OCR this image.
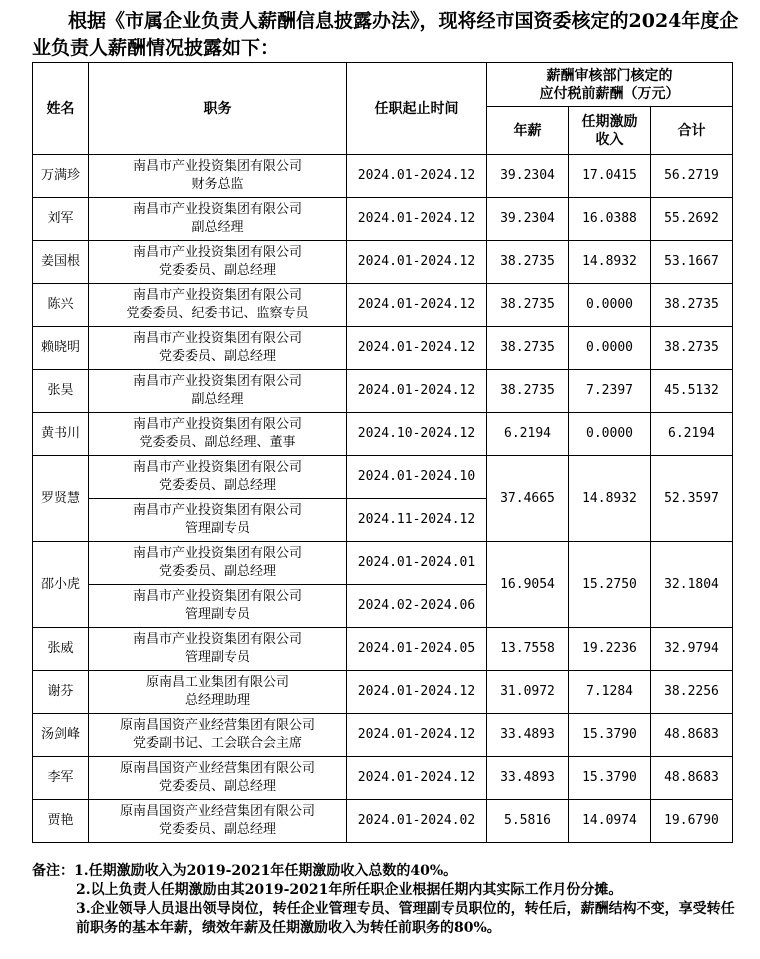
根据《市属企业负责人薪酬信息披露办法》，现将经市国资委核定的2024年度企业负责人薪酬情况披露如下：

姓名	职务	任职起止时间	薪酬审核部门核定的
应付税前薪酬（万元）		

			年薪	任期激励
收入	合计
万满珍	南昌市产业投资集团有限公司
财务总监	2024.01-2024.12	39.2304	17.0415	56.2719
刘军	南昌市产业投资集团有限公司
副总经理	2024.01-2024.12	39.2304	16.0388	55.2692
姜国根	南昌市产业投资集团有限公司
党委委员、副总经理	2024.01-2024.12	38.2735	14.8932	53.1667
陈兴	南昌市产业投资集团有限公司
党委委员、纪委书记、监察专员	2024.01-2024.12	38.2735	0.0000	38.2735
赖晓明	南昌市产业投资集团有限公司
党委委员、副总经理	2024.01-2024.12	38.2735	0.0000	38.2735
张昊	南昌市产业投资集团有限公司
副总经理	2024.01-2024.12	38.2735	7.2397	45.5132
黄书川	南昌市产业投资集团有限公司
党委委员、副总经理、董事	2024.10-2024.12	6.2194	0.0000	6.2194
罗贤慧	南昌市产业投资集团有限公司
党委委员、副总经理	2024.01-2024.10	37.4665	14.8932	52.3597

	南昌市产业投资集团有限公司
管理副专员	2024.11-2024.12			
邵小虎	南昌市产业投资集团有限公司
党委委员、副总经理	2024.01-2024.01	16.9054	15.2750	32.1804

	南昌市产业投资集团有限公司
管理副专员	2024.02-2024.06			
张威	南昌市产业投资集团有限公司
管理副专员	2024.01-2024.05	13.7558	19.2236	32.9794
谢芬	原南昌工业集团有限公司
总经理助理	2024.01-2024.12	31.0972	7.1284	38.2256
汤剑峰	原南昌国资产业经营集团有限公司
党委副书记、工会联合会主席	2024.01-2024.12	33.4893	15.3790	48.8683
李军	原南昌国资产业经营集团有限公司
党委委员、副总经理	2024.01-2024.12	33.4893	15.3790	48.8683
贾艳	原南昌国资产业经营集团有限公司
党委委员、副总经理	2024.01-2024.02	5.5816	14.0974	19.6790

备注：1.任期激励收入为2019-2021年任期激励收入总数的40%。

2.以上负责人任期激励由其2019-2021年所任职企业根据任期内其实际工作月份分摊。

3.企业领导人员退出领导岗位，转任企业管理专员、管理副专员职位的，转任后，薪酬结构不变，享受转任前职务的基本年薪，绩效年薪及任期激励收入为转任前职务的80%。
